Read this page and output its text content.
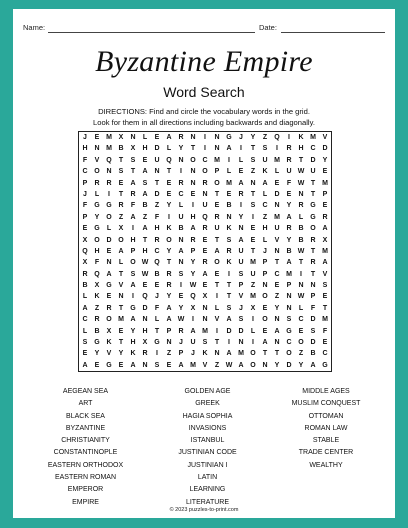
Name:	Date:
Byzantine Empire
Word Search
DIRECTIONS: Find and circle the vocabulary words in the grid.
Look for them in all directions including backwards and diagonally.
J	E M X	N	L	E	A R N	I	N G	J	Y	Z	Q	I	K M V
H N M B	X	H D	L	Y	T	I	N A	I	T	S	I	R H C D
F	V Q	T	S	E	U Q N O C M	I	L	S	U M R	T	D	Y
C O N	S	T	A N	T	I	N O P	L	E	Z	K	L	U W U	E
P	R R	E	A	S	T	E	R N R O M A N A	E	F W T M
J	L	I	T	R A D	E	C	E	N	T	E	R	T	L	D	E	N	T	P
F	G G R	F	B	Z	Y	L	I	U	E	B	I	S	C N	Y	R G E
P	Y O	Z	A	Z	F	I	U H Q R N	Y	I	Z M A	L	G R
E G	L	X	I	A H K B A R U K N	E	H U R B O A
X O D O H	T	R O N R	E	T	S	A	E	L	V	Y	B R	X
Q H	E	A	P	H C	Y	A	P	E	A R U	T	J	N B W T M
X	F	N	L	O W Q	T	N	Y	R O K U M P	T	A	T	R A
R Q A	T	S W B R	S	Y	A	E	I	S	U	P	C M	I	T	V
B	X G V	A	E	E	R	I	W E	T	T	P	Z	N	E	P	N N	S
L	K	E	N	I	Q	J	Y	E Q X	I	T	V M O	Z	N W P	E
A	Z	R	T	G D	F	A	Y	X	N	L	S	J	X	E	Y	N	L	F	T
C R O M A N	L	A W	I	N	V	A	S	I	O N	S	C D M
L	B	X	E	Y	H	T	P	R A M	I	D D	L	E	A G E	S	F
S G K	T	H	X G N	J	U	S	T	I	N	I	A N C O D	E
E	Y	V	Y	K R	I	Z	P	J	K N A M O	T	T	O	Z	B C
A	E G E	A N	S	E	A M V	Z W A O N	Y	D	Y	A G
AEGEAN SEA
ART
BLACK SEA
BYZANTINE
CHRISTIANITY
CONSTANTINOPLE
EASTERN ORTHODOX
EASTERN ROMAN
EMPEROR
EMPIRE
GOLDEN AGE
GREEK
HAGIA SOPHIA
INVASIONS
ISTANBUL
JUSTINIAN CODE
JUSTINIAN I
LATIN
LEARNING
LITERATURE
MIDDLE AGES
MUSLIM CONQUEST
OTTOMAN
ROMAN LAW
STABLE
TRADE CENTER
WEALTHY
© 2023 puzzles-to-print.com
